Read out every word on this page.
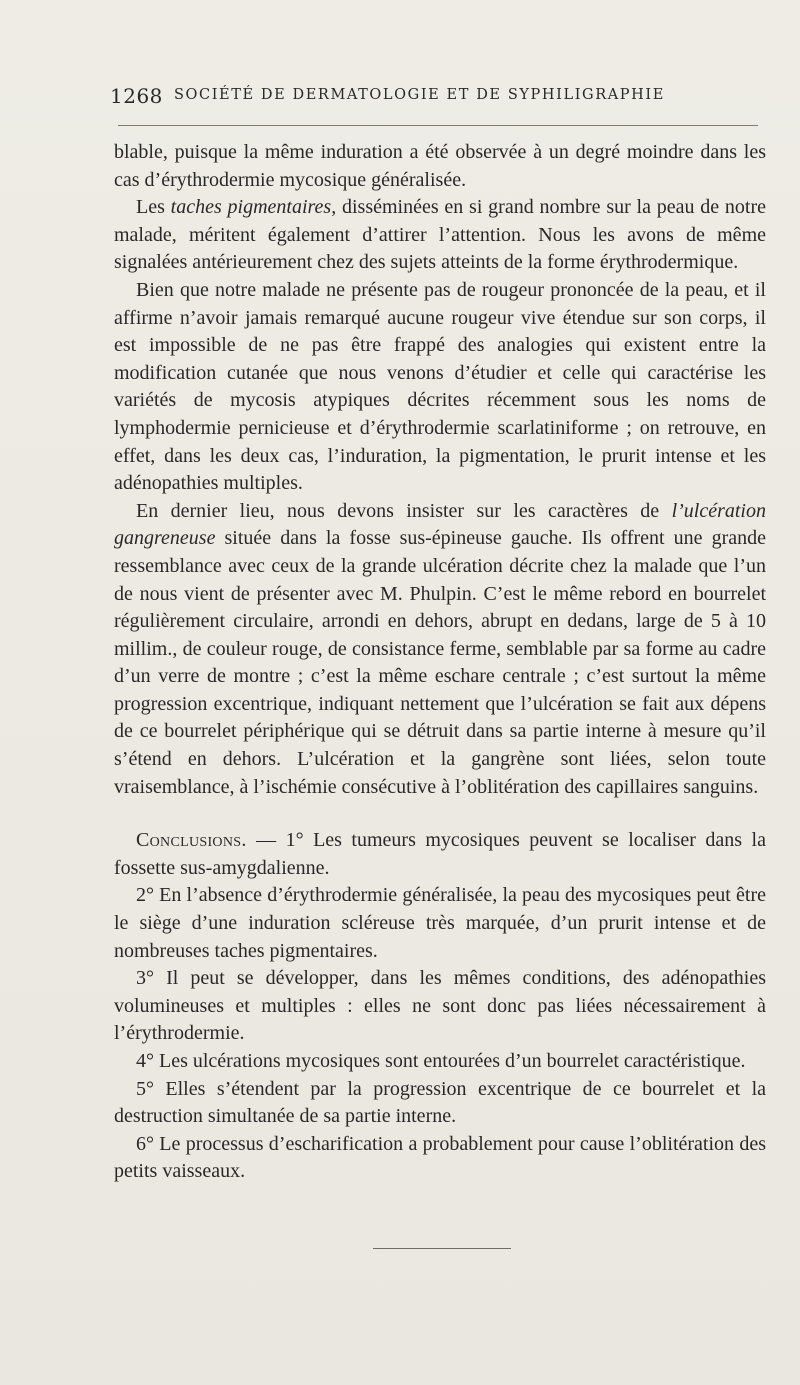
1268 SOCIÉTÉ DE DERMATOLOGIE ET DE SYPHILIGRAPHIE

blable, puisque la même induration a été observée à un degré moindre dans les cas d’érythrodermie mycosique généralisée.

Les taches pigmentaires, disséminées en si grand nombre sur la peau de notre malade, méritent également d’attirer l’attention. Nous les avons de même signalées antérieurement chez des sujets atteints de la forme érythrodermique.

Bien que notre malade ne présente pas de rougeur prononcée de la peau, et il affirme n’avoir jamais remarqué aucune rougeur vive étendue sur son corps, il est impossible de ne pas être frappé des analogies qui existent entre la modification cutanée que nous venons d’étudier et celle qui caractérise les variétés de mycosis atypiques décrites récemment sous les noms de lymphodermie pernicieuse et d’érythrodermie scarlatiniforme ; on retrouve, en effet, dans les deux cas, l’induration, la pigmentation, le prurit intense et les adénopathies multiples.

En dernier lieu, nous devons insister sur les caractères de l’ulcération gangreneuse située dans la fosse sus-épineuse gauche. Ils offrent une grande ressemblance avec ceux de la grande ulcération décrite chez la malade que l’un de nous vient de présenter avec M. Phulpin. C’est le même rebord en bourrelet régulièrement circulaire, arrondi en dehors, abrupt en dedans, large de 5 à 10 millim., de couleur rouge, de consistance ferme, semblable par sa forme au cadre d’un verre de montre ; c’est la même eschare centrale ; c’est surtout la même progression excentrique, indiquant nettement que l’ulcération se fait aux dépens de ce bourrelet périphérique qui se détruit dans sa partie interne à mesure qu’il s’étend en dehors. L’ulcération et la gangrène sont liées, selon toute vraisemblance, à l’ischémie consécutive à l’oblitération des capillaires sanguins.

Conclusions. — 1° Les tumeurs mycosiques peuvent se localiser dans la fossette sus-amygdalienne.

2° En l’absence d’érythrodermie généralisée, la peau des mycosiques peut être le siège d’une induration scléreuse très marquée, d’un prurit intense et de nombreuses taches pigmentaires.

3° Il peut se développer, dans les mêmes conditions, des adénopathies volumineuses et multiples : elles ne sont donc pas liées nécessairement à l’érythrodermie.

4° Les ulcérations mycosiques sont entourées d’un bourrelet caractéristique.

5° Elles s’étendent par la progression excentrique de ce bourrelet et la destruction simultanée de sa partie interne.

6° Le processus d’escharification a probablement pour cause l’oblitération des petits vaisseaux.
